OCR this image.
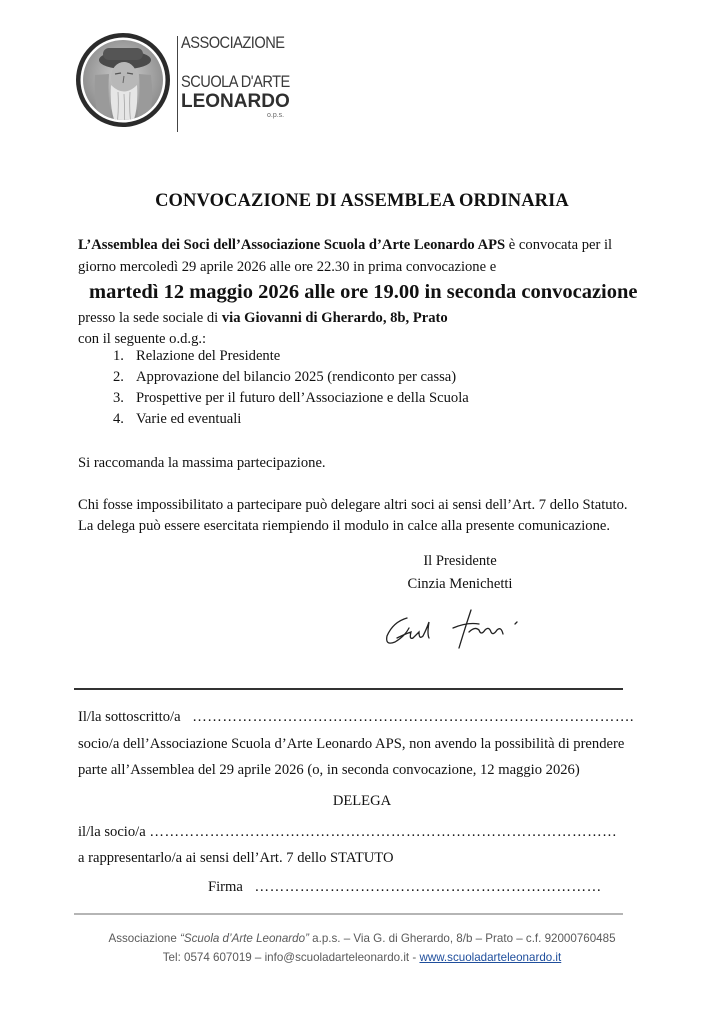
ASSOCIAZIONE
SCUOLA D'ARTE
LEONARDO
o.p.s.
CONVOCAZIONE DI ASSEMBLEA ORDINARIA
L’Assemblea dei Soci dell’Associazione Scuola d’Arte Leonardo APS è convocata per il
giorno mercoledì 29 aprile 2026 alle ore 22.30 in prima convocazione e
martedì 12 maggio 2026 alle ore 19.00 in seconda convocazione
presso la sede sociale di via Giovanni di Gherardo, 8b, Prato
con il seguente o.d.g.:
1. Relazione del Presidente
2. Approvazione del bilancio 2025 (rendiconto per cassa)
3. Prospettive per il futuro dell’Associazione e della Scuola
4. Varie ed eventuali
Si raccomanda la massima partecipazione.
Chi fosse impossibilitato a partecipare può delegare altri soci ai sensi dell’Art. 7 dello Statuto.
La delega può essere esercitata riempiendo il modulo in calce alla presente comunicazione.
Il Presidente
Cinzia Menichetti
Il/la sottoscritto/a …………………………………………………………………………….
socio/a dell’Associazione Scuola d’Arte Leonardo APS, non avendo la possibilità di prendere
parte all’Assemblea del 29 aprile 2026 (o, in seconda convocazione, 12 maggio 2026)
DELEGA
il/la socio/a …………………………………………………………………………………
a rappresentarlo/a ai sensi dell’Art. 7 dello STATUTO
Firma ……………………………………………………………
Associazione “Scuola d’Arte Leonardo” a.p.s. – Via G. di Gherardo, 8/b – Prato – c.f. 92000760485
Tel: 0574 607019 – info@scuoladarteleonardo.it - www.scuoladarteleonardo.it
